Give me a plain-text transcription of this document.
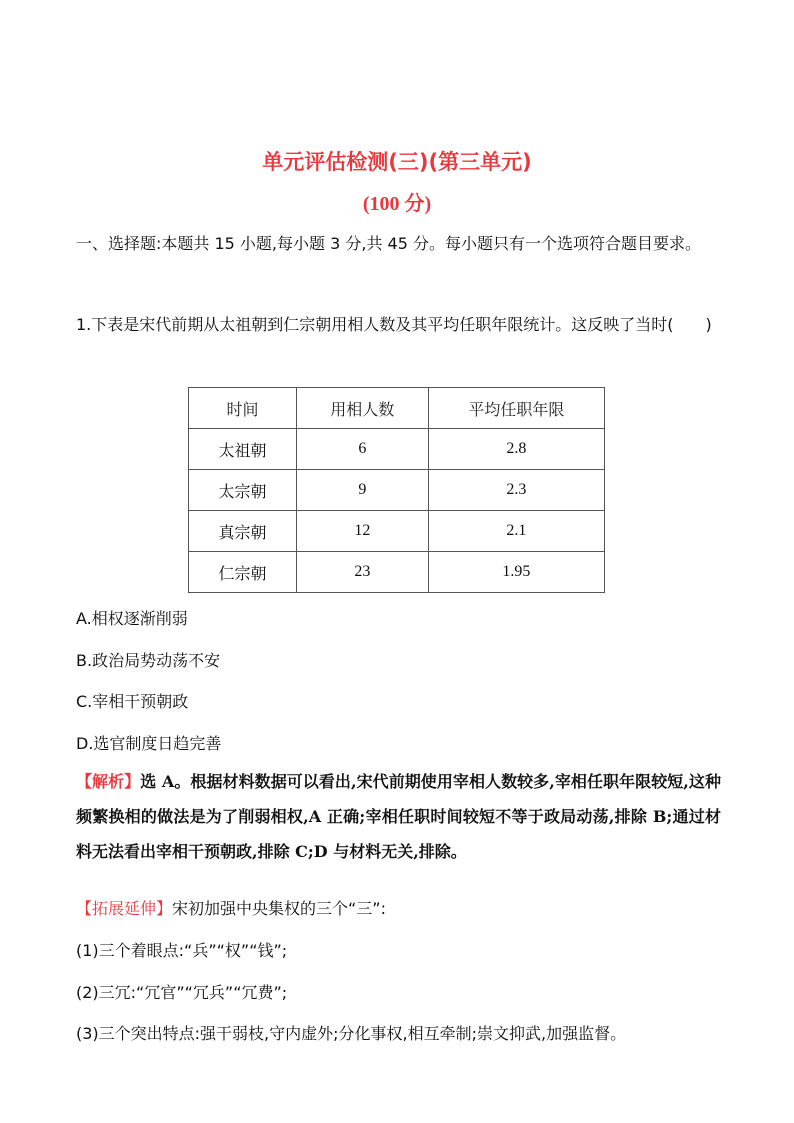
单元评估检测(三)(第三单元)
(100 分)
一、选择题:本题共 15 小题,每小题 3 分,共 45 分。每小题只有一个选项符合题目要求。
1.下表是宋代前期从太祖朝到仁宗朝用相人数及其平均任职年限统计。这反映了当时(　　)
时间	用相人数	平均任职年限
太祖朝	6	2.8
太宗朝	9	2.3
真宗朝	12	2.1
仁宗朝	23	1.95
A.相权逐渐削弱
B.政治局势动荡不安
C.宰相干预朝政
D.选官制度日趋完善
【解析】选 A。根据材料数据可以看出,宋代前期使用宰相人数较多,宰相任职年限较短,这种频繁换相的做法是为了削弱相权,A 正确;宰相任职时间较短不等于政局动荡,排除 B;通过材料无法看出宰相干预朝政,排除 C;D 与材料无关,排除。
【拓展延伸】宋初加强中央集权的三个“三”:
(1)三个着眼点:“兵”“权”“钱”;
(2)三冗:“冗官”“冗兵”“冗费”;
(3)三个突出特点:强干弱枝,守内虚外;分化事权,相互牵制;崇文抑武,加强监督。
